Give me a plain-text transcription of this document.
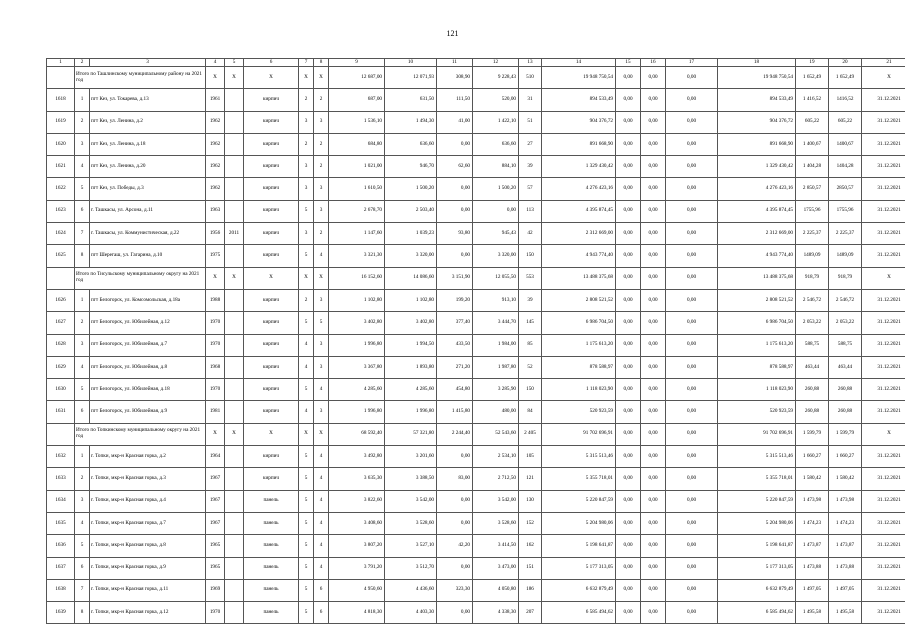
121
1	2	3	4	5	6	7	8	9	10	11	12	13	14	15	16	17	18	19	20	21
	Итого по Ташлинскому муниципальному району на 2021 год		X	X	X	X	X	12 687,00	12 071,93	308,90	9 228,43	510	19 948 750,54	0,00	0,00	0,00	19 948 750,54	1 652,49	1 652,49	X
1618	1	пгт Кез, ул. Токарева, д.13	1961		кирпич	2	2	687,00	631,50	111,50	520,00	31	894 533,49	0,00	0,00	0,00	894 533,49	1 416,52	1416,52	31.12.2021
1619	2	пгт Кез, ул. Ленина, д.2	1962		кирпич	3	3	1 536,10	1 494,30	41,00	1 422,10	51	904 376,72	0,00	0,00	0,00	904 376,72	605,22	605,22	31.12.2021
1620	3	пгт Кез, ул. Ленина, д.18	1962		кирпич	2	2	684,80	636,60	0,00	636,60	27	891 668,90	0,00	0,00	0,00	891 668,90	1 400,67	1400,67	31.12.2021
1621	4	пгт Кез, ул. Ленина, д.20	1962		кирпич	3	2	1 021,00	946,70	62,60	884,10	39	1 329 430,42	0,00	0,00	0,00	1 329 430,42	1 404,28	1404,28	31.12.2021
1622	5	пгт Кез, ул. Победы, д.3	1962		кирпич	3	3	1 610,50	1 500,20	0,00	1 500,20	57	4 276 423,16	0,00	0,00	0,00	4 276 423,16	2 850,57	2850,57	31.12.2021
1623	6	г. Ташкасы, ул. Арсона, д.11	1963		кирпич	5	3	2 678,70	2 503,40	0,00	0,00	113	4 395 874,45	0,00	0,00	0,00	4 395 874,45	1755,96	1755,96	31.12.2021
1624	7	г. Ташкасы, ул. Коммунистическая, д.22	1956	2011	кирпич	3	2	1 147,60	1 039,23	93,80	945,43	42	2 312 669,00	0,00	0,00	0,00	2 312 669,00	2 225,37	2 225,37	31.12.2021
1625	8	пгт Шерегаш, ул. Гагарина, д.10	1975		кирпич	5	4	3 321,30	3 320,00	0,00	3 320,00	150	4 943 774,40	0,00	0,00	0,00	4 943 774,40	1489,09	1489,09	31.12.2021
	Итого по Тисульскому муниципальному округу на 2021 год		X	X	X	X	X	16 152,60	14 086,60	3 151,90	12 055,50	553	13 488 375,68	0,00	0,00	0,00	13 488 375,68	918,79	918,79	X
1626	1	пгт Белогорск, ул. Комсомольская, д.18а	1988		кирпич	2	3	1 102,80	1 102,80	199,20	913,10	39	2 808 521,52	0,00	0,00	0,00	2 808 521,52	2 546,72	2 546,72	31.12.2021
1627	2	пгт Белогорск, ул. Юбилейная, д.12	1970		кирпич	5	5	3 402,80	3 402,80	377,40	3 444,70	145	6 986 704,50	0,00	0,00	0,00	6 986 704,50	2 053,22	2 053,22	31.12.2021
1628	3	пгт Белогорск, ул. Юбилейная, д.7	1970		кирпич	4	3	1 996,80	1 994,50	433,50	1 984,00	85	1 175 613,20	0,00	0,00	0,00	1 175 613,20	588,75	588,75	31.12.2021
1629	4	пгт Белогорск, ул. Юбилейная, д.8	1968		кирпич	4	3	3 367,80	1 893,80	271,20	1 987,80	52	878 588,97	0,00	0,00	0,00	878 588,97	463,44	463,44	31.12.2021
1630	5	пгт Белогорск, ул. Юбилейная, д.18	1970		кирпич	5	4	4 285,60	4 285,60	454,80	3 285,90	150	1 118 023,90	0,00	0,00	0,00	1 118 023,90	260,88	260,88	31.12.2021
1631	6	пгт Белогорск, ул. Юбилейная, д.9	1981		кирпич	4	3	1 996,80	1 996,80	1 415,80	480,00	84	520 923,59	0,00	0,00	0,00	520 923,59	260,88	260,88	31.12.2021
	Итого по Топкинскому муниципальному округу на 2021 год		X	X	X	X	X	68 592,40	57 321,80	2 244,40	52 543,60	2 405	91 702 696,91	0,00	0,00	0,00	91 702 696,91	1 599,79	1 599,79	X
1632	1	г. Топки, мкр-н Красная горка, д.2	1964		кирпич	5	4	3 492,80	3 201,60	0,00	2 534,10	105	5 315 513,46	0,00	0,00	0,00	5 315 513,46	1 660,27	1 660,27	31.12.2021
1633	2	г. Топки, мкр-н Красная горка, д.3	1967		кирпич	5	4	3 635,30	3 388,50	83,00	2 712,50	121	5 355 718,01	0,00	0,00	0,00	5 355 718,01	1 580,42	1 580,42	31.12.2021
1634	3	г. Топки, мкр-н Красная горка, д.4	1967		панель	5	4	3 822,60	3 542,00	0,00	3 542,00	130	5 220 847,59	0,00	0,00	0,00	5 220 847,59	1 473,98	1 473,98	31.12.2021
1635	4	г. Топки, мкр-н Красная горка, д.7	1967		панель	5	4	3 408,60	3 528,60	0,00	3 528,60	152	5 204 980,06	0,00	0,00	0,00	5 204 980,06	1 474,23	1 474,23	31.12.2021
1636	5	г. Топки, мкр-н Красная горка, д.8	1965		панель	5	4	3 807,20	3 527,10	42,20	3 414,50	162	5 198 641,87	0,00	0,00	0,00	5 198 641,87	1 473,87	1 473,87	31.12.2021
1637	6	г. Топки, мкр-н Красная горка, д.9	1965		панель	5	4	3 791,20	3 512,70	0,00	3 473,00	151	5 177 313,05	0,00	0,00	0,00	5 177 313,05	1 473,88	1 473,88	31.12.2021
1638	7	г. Топки, мкр-н Красная горка, д.11	1969		панель	5	6	4 950,60	4 436,60	323,30	4 050,80	186	6 632 879,49	0,00	0,00	0,00	6 632 879,49	1 497,05	1 497,05	31.12.2021
1639	8	г. Топки, мкр-н Красная горка, д.12	1970		панель	5	6	4 818,30	4 403,30	0,00	4 338,30	207	6 585 494,62	0,00	0,00	0,00	6 585 494,62	1 495,58	1 495,58	31.12.2021
